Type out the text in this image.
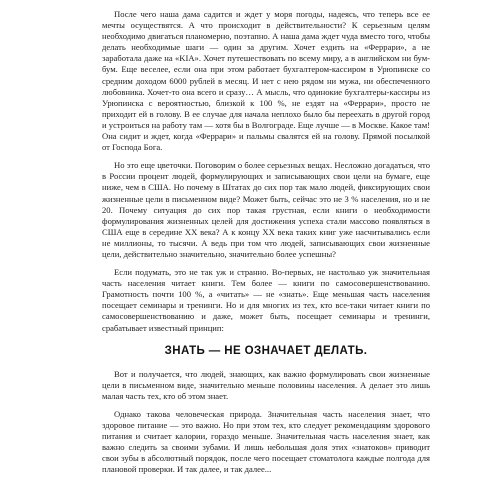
После чего наша дама садится и ждет у моря погоды, надеясь, что теперь все ее мечты осуществятся. А что происходит в действительности? К серьезным целям необходимо двигаться планомерно, поэтапно. А наша дама ждет чуда вместо того, чтобы делать необходимые шаги — один за другим. Хочет ездить на «Феррари», а не заработала даже на «KIA». Хочет путешествовать по всему миру, а в английском ни бум-бум. Еще веселее, если она при этом работает бухгалтером-кассиром в Урюпинске со средним доходом 6000 рублей в месяц. И нет с нею рядом ни мужа, ни обеспеченного любовника. Хочет-то она всего и сразу… А мысль, что одинокие бухгалтеры-кассиры из Урюпинска с вероятностью, близкой к 100 %, не ездят на «Феррари», просто не приходит ей в голову. В ее случае для начала неплохо было бы переехать в другой город и устроиться на работу там — хотя бы в Волгограде. Еще лучше — в Москве. Какое там! Она сидит и ждет, когда «Феррари» и пальмы свалятся ей на голову. Прямой посылкой от Господа Бога.

Но это еще цветочки. Поговорим о более серьезных вещах. Несложно догадаться, что в России процент людей, формулирующих и записывающих свои цели на бумаге, еще ниже, чем в США. Но почему в Штатах до сих пор так мало людей, фиксирующих свои жизненные цели в письменном виде? Может быть, сейчас это не 3 % населения, но и не 20. Почему ситуация до сих пор такая грустная, если книги о необходимости формулирования жизненных целей для достижения успеха стали массово появляться в США еще в середине XX века? А к концу XX века таких книг уже насчитывались если не миллионы, то тысячи. А ведь при том что людей, записывающих свои жизненные цели, действительно значительно, значительно более успешны?

Если подумать, это не так уж и странно. Во-первых, не настолько уж значительная часть населения читает книги. Тем более — книги по самосовершенствованию. Грамотность почти 100 %, а «читать» — не «знать». Еще меньшая часть населения посещает семинары и тренинги. Но и для многих из тех, кто все-таки читает книги по самосовершенствованию и даже, может быть, посещает семинары и тренинги, срабатывает известный принцип:

ЗНАТЬ — НЕ ОЗНАЧАЕТ ДЕЛАТЬ.

Вот и получается, что людей, знающих, как важно формулировать свои жизненные цели в письменном виде, значительно меньше половины населения. А делает это лишь малая часть тех, кто об этом знает.

Однако такова человеческая природа. Значительная часть населения знает, что здоровое питание — это важно. Но при этом тех, кто следует рекомендациям здорового питания и считает калории, гораздо меньше. Значительная часть населения знает, как важно следить за своими зубами. И лишь небольшая доля этих «знатоков» приводит свои зубы в абсолютный порядок, после чего посещает стоматолога каждые полгода для плановой проверки. И так далее, и так далее...
